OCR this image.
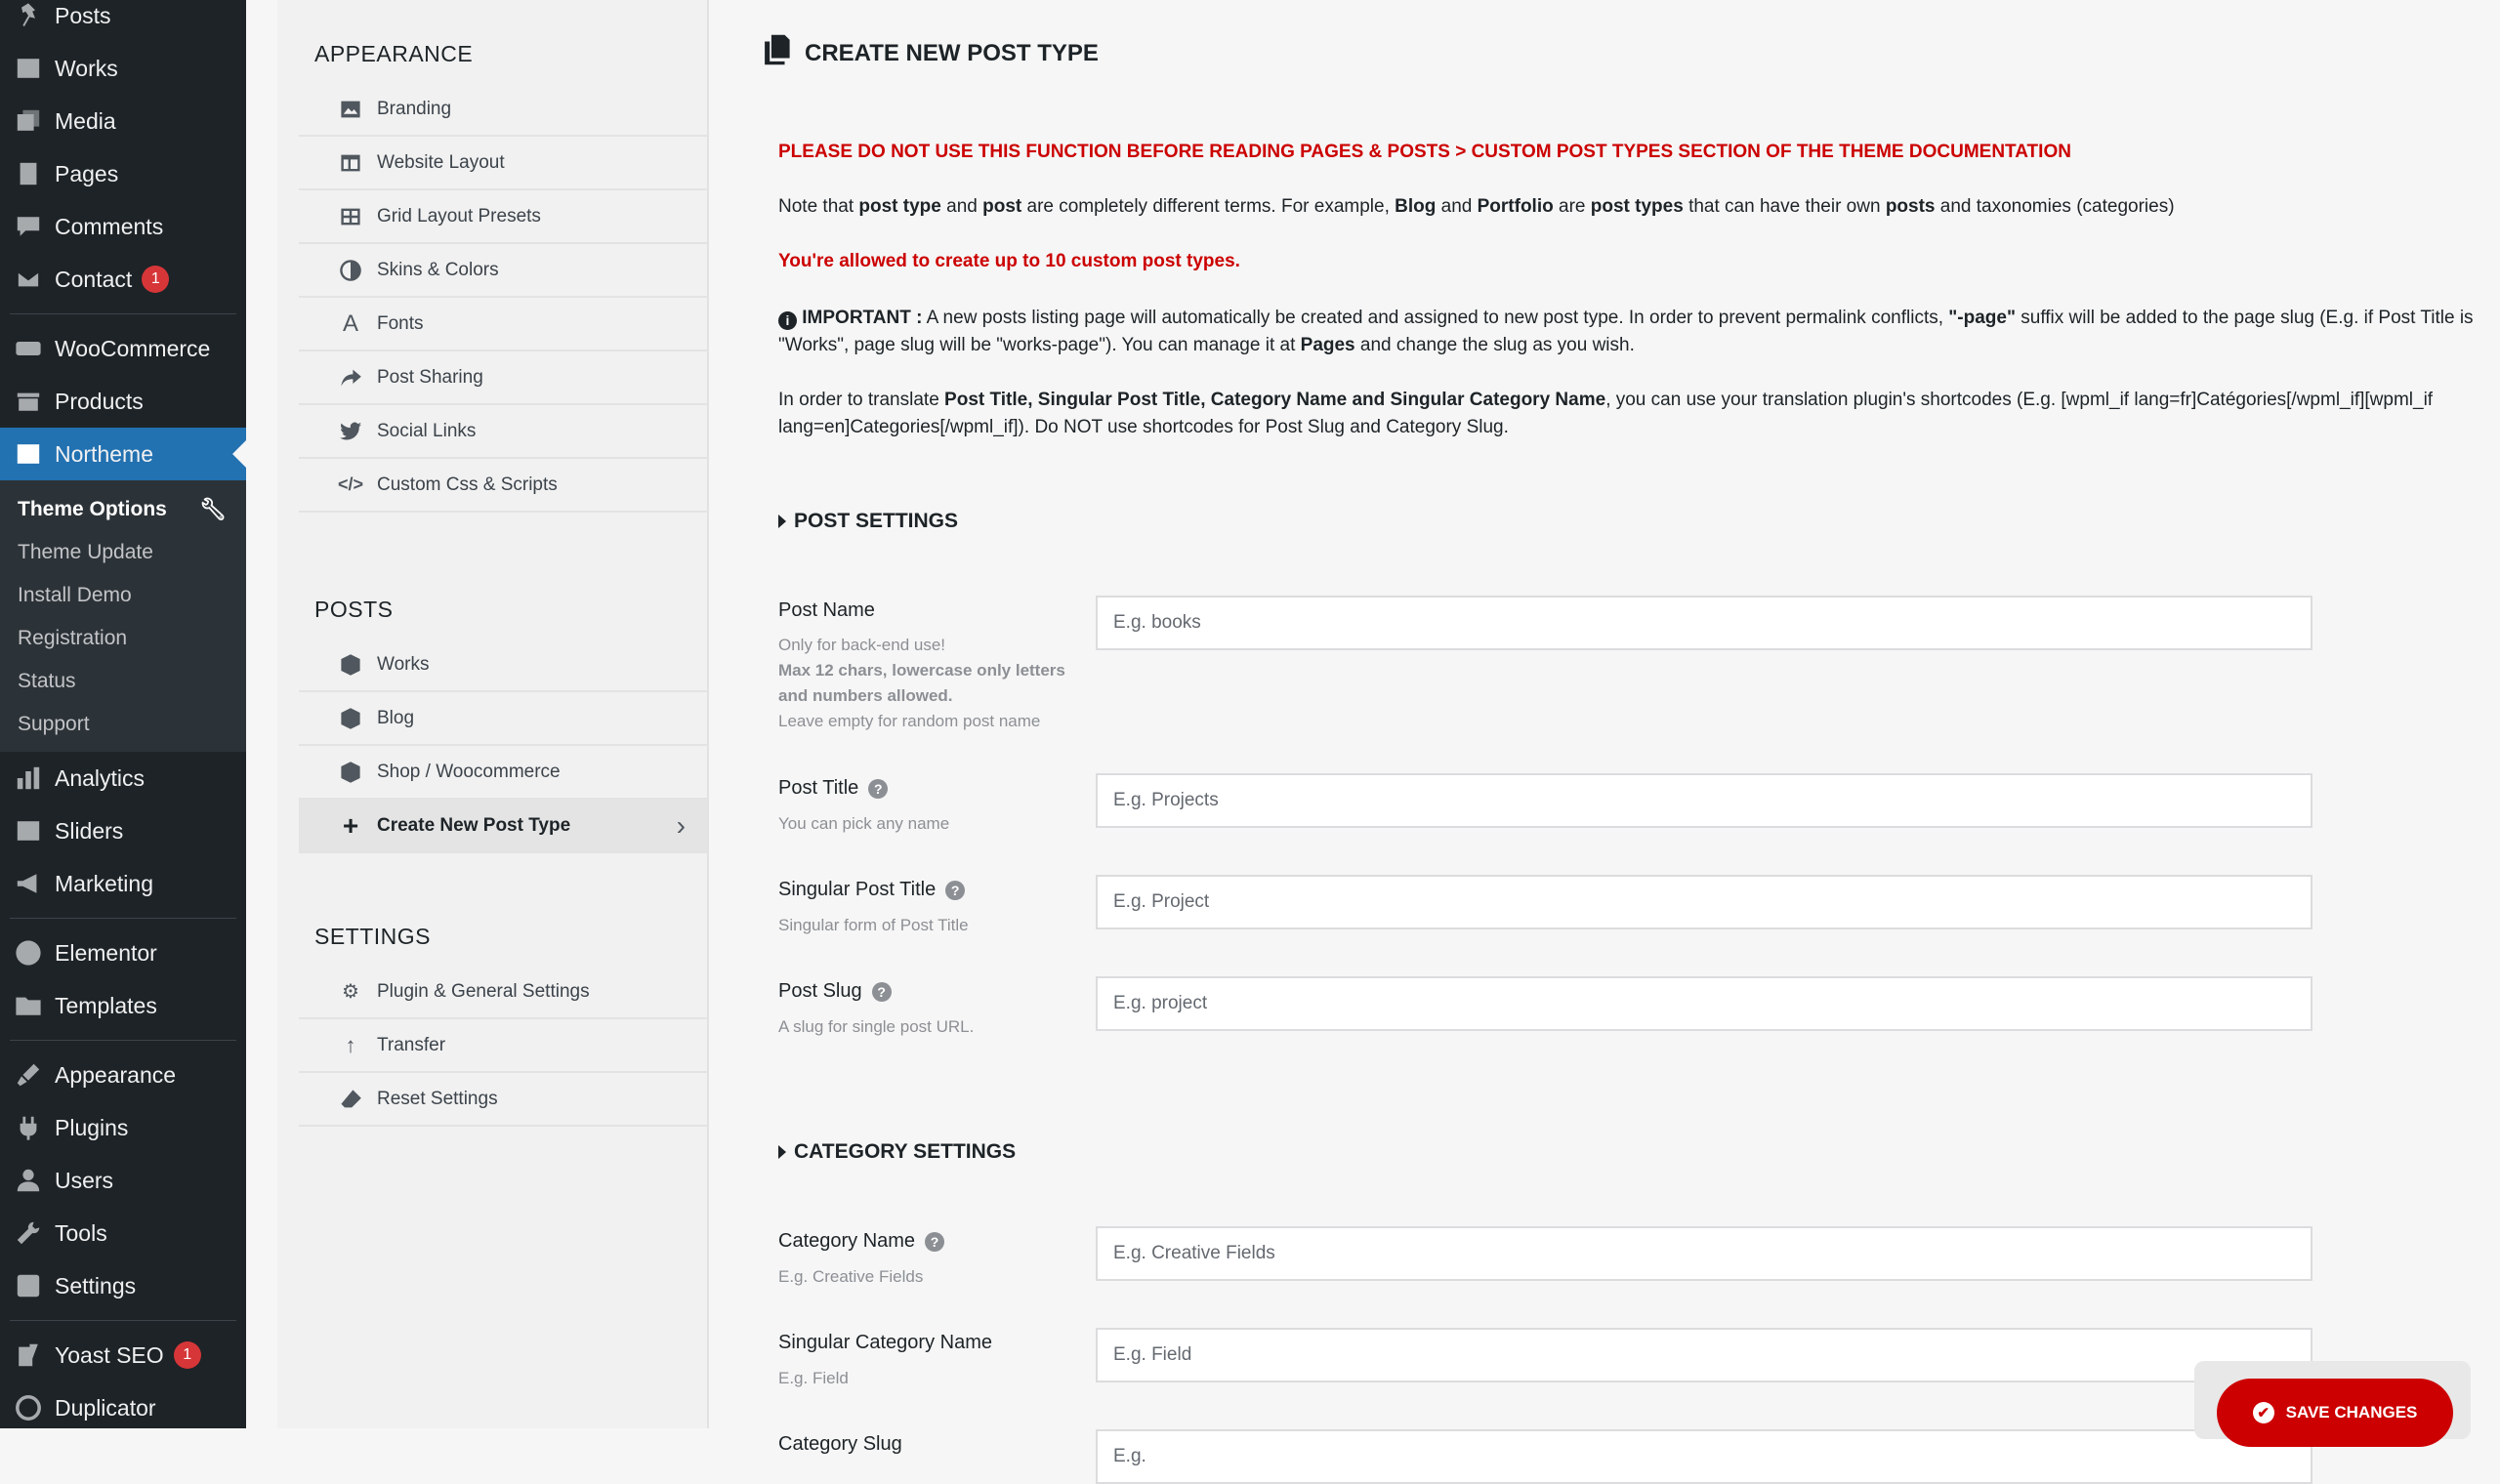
Posts
Works
Media
Pages
Comments
Contact	1
WooCommerce
Products
Northeme
Theme Options 🔧︎
Theme Update
Install Demo
Registration
Status
Support
Analytics
Sliders
Marketing
Elementor
Templates
Appearance
Plugins
Users
Tools
Settings
Yoast SEO	1
Duplicator
APPEARANCE
Branding
Website Layout
Grid Layout Presets
Skins & Colors
A Fonts
Post Sharing
Social Links
</> Custom Css & Scripts
POSTS
Works
Blog
Shop / Woocommerce
+ Create New Post Type	›
SETTINGS
⚙︎ Plugin & General Settings
↑	Transfer
Reset Settings
CREATE NEW POST TYPE
PLEASE DO NOT USE THIS FUNCTION BEFORE READING PAGES & POSTS > CUSTOM POST TYPES SECTION OF THE THEME DOCUMENTATION
Note that post type and post are completely different terms. For example, Blog and Portfolio are post types that can have their own posts and taxonomies (categories)
You're allowed to create up to 10 custom post types.
i IMPORTANT : A new posts listing page will automatically be created and assigned to new post type. In order to prevent permalink conflicts, "-page" suffix will be added to the page slug (E.g. if Post Title is "Works", page slug will be "works-page"). You can manage it at Pages and change the slug as you wish.
In order to translate Post Title, Singular Post Title, Category Name and Singular Category Name, you can use your translation plugin's shortcodes (E.g. [wpml_if lang=fr]Catégories[/wpml_if][wpml_if lang=en]Categories[/wpml_if]). Do NOT use shortcodes for Post Slug and Category Slug.
POST SETTINGS
Post Name
Only for back-end use!
Max 12 chars, lowercase only letters and numbers allowed.
Leave empty for random post name
E.g. books
Post Title	?
You can pick any name
E.g. Projects
Singular Post Title	?
Singular form of Post Title
E.g. Project
Post Slug	?
A slug for single post URL.
E.g. project
CATEGORY SETTINGS
Category Name	?
E.g. Creative Fields
E.g. Creative Fields
Singular Category Name
E.g. Field
E.g. Field
Category Slug
E.g.
✔︎ SAVE CHANGES
